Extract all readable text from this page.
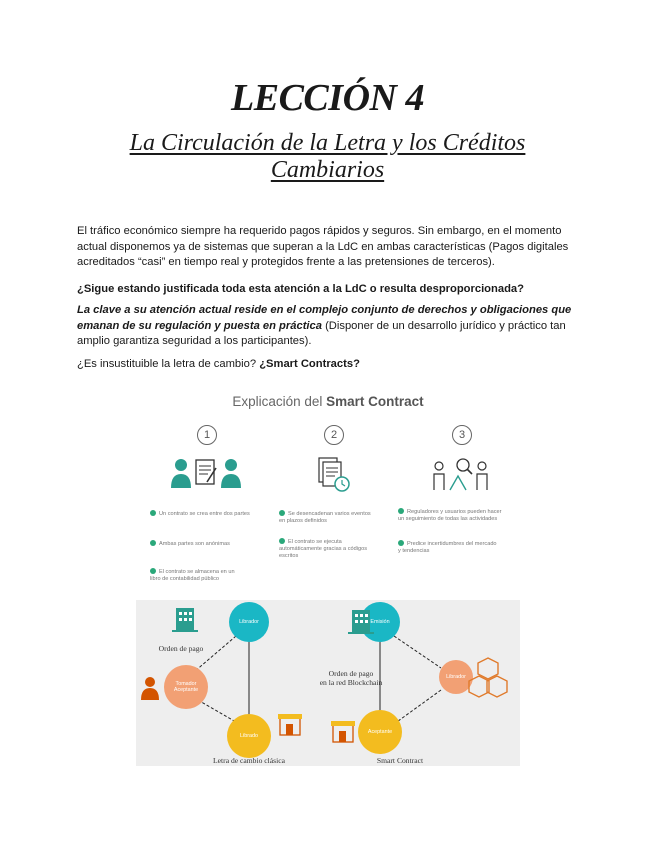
LECCIÓN 4
La Circulación de la Letra y los Créditos
Cambiarios
El tráfico económico siempre ha requerido pagos rápidos y seguros. Sin embargo, en el momento actual disponemos ya de sistemas que superan a la LdC en ambas características (Pagos digitales acreditados “casi” en tiempo real y protegidos frente a las pretensiones de terceros).
¿Sigue estando justificada toda esta atención a la LdC o resulta desproporcionada?
La clave a su atención actual reside en el complejo conjunto de derechos y obligaciones que emanan de su regulación y puesta en práctica (Disponer de un desarrollo jurídico y práctico tan amplio garantiza seguridad a los participantes).
¿Es insustituible la letra de cambio? ¿Smart Contracts?
Explicación del Smart Contract
1	2	3
Un contrato se crea entre dos partes
Ambas partes son anónimas
El contrato se almacena en un libro de contabilidad público
Se desencadenan varios eventos en plazos definidos
El contrato se ejecuta automáticamente gracias a códigos escritos
Reguladores y usuarios pueden hacer un seguimiento de todas las actividades
Predice incertidumbres del mercado y tendencias
Librador
Tomador Aceptante
Librado
Emisión
Librador
Aceptante
Orden de pago
Letra de cambio clásica
Orden de pago
en la red Blockchain
Smart Contract
